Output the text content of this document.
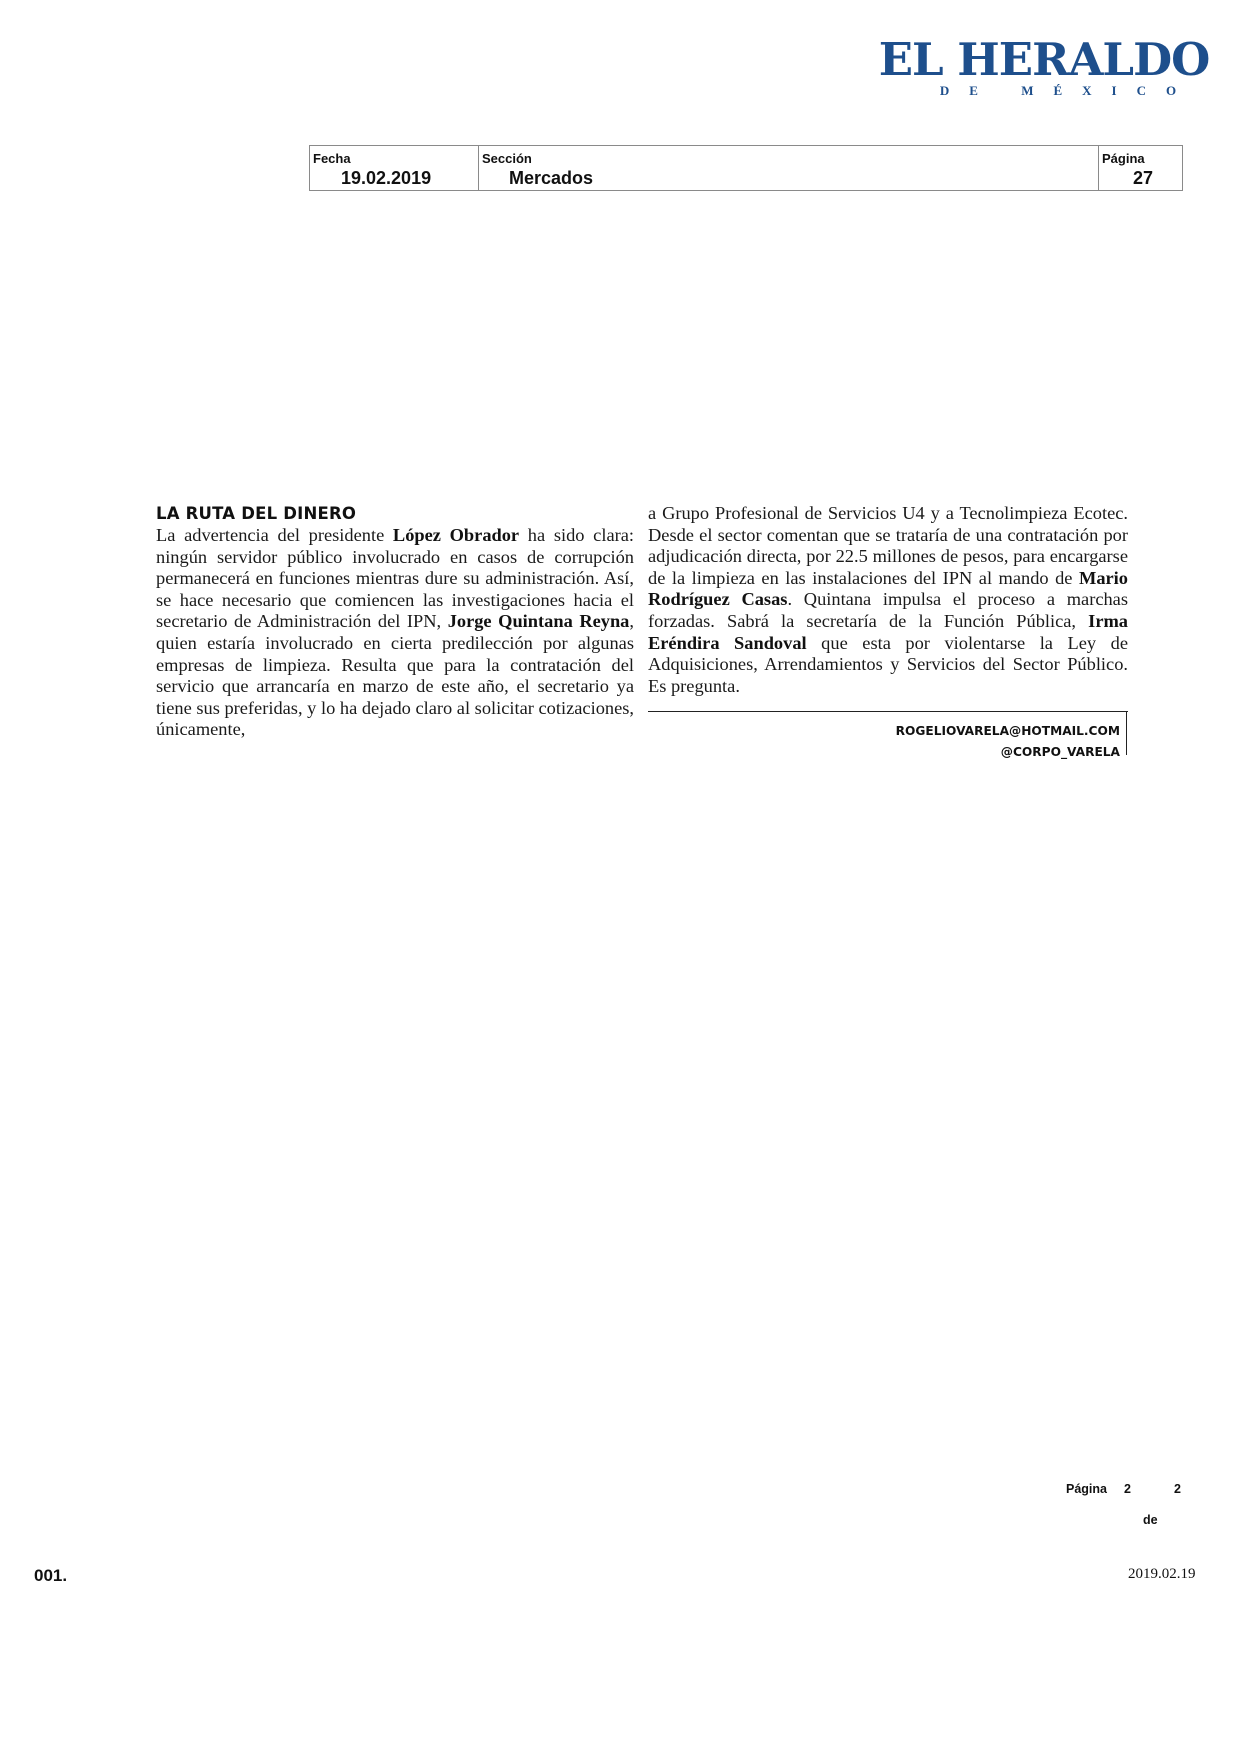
EL HERALDO
DE MÉXICO
Fecha
19.02.2019
Sección
Mercados
Página
27
LA RUTA DEL DINERO

La advertencia del presidente López Obrador ha sido clara: ningún servidor público involucrado en casos de corrupción permanecerá en funciones mientras dure su administración. Así, se hace necesario que comiencen las investigaciones hacia el secretario de Administración del IPN, Jorge Quintana Reyna, quien estaría involucrado en cierta predilección por algunas empresas de limpieza. Resulta que para la contratación del servicio que arrancaría en marzo de este año, el secretario ya tiene sus preferidas, y lo ha dejado claro al solicitar cotizaciones, únicamente,

a Grupo Profesional de Servicios U4 y a Tecnolimpieza Ecotec. Desde el sector comentan que se trataría de una contratación por adjudicación directa, por 22.5 millones de pesos, para encargarse de la limpieza en las instalaciones del IPN al mando de Mario Rodríguez Casas. Quintana impulsa el proceso a marchas forzadas. Sabrá la secretaría de la Función Pública, Irma Eréndira Sandoval que esta por violentarse la Ley de Adquisiciones, Arrendamientos y Servicios del Sector Público. Es pregunta.

ROGELIOVARELA@HOTMAIL.COM
@CORPO_VARELA
Página 2	2
de
001.	2019.02.19
